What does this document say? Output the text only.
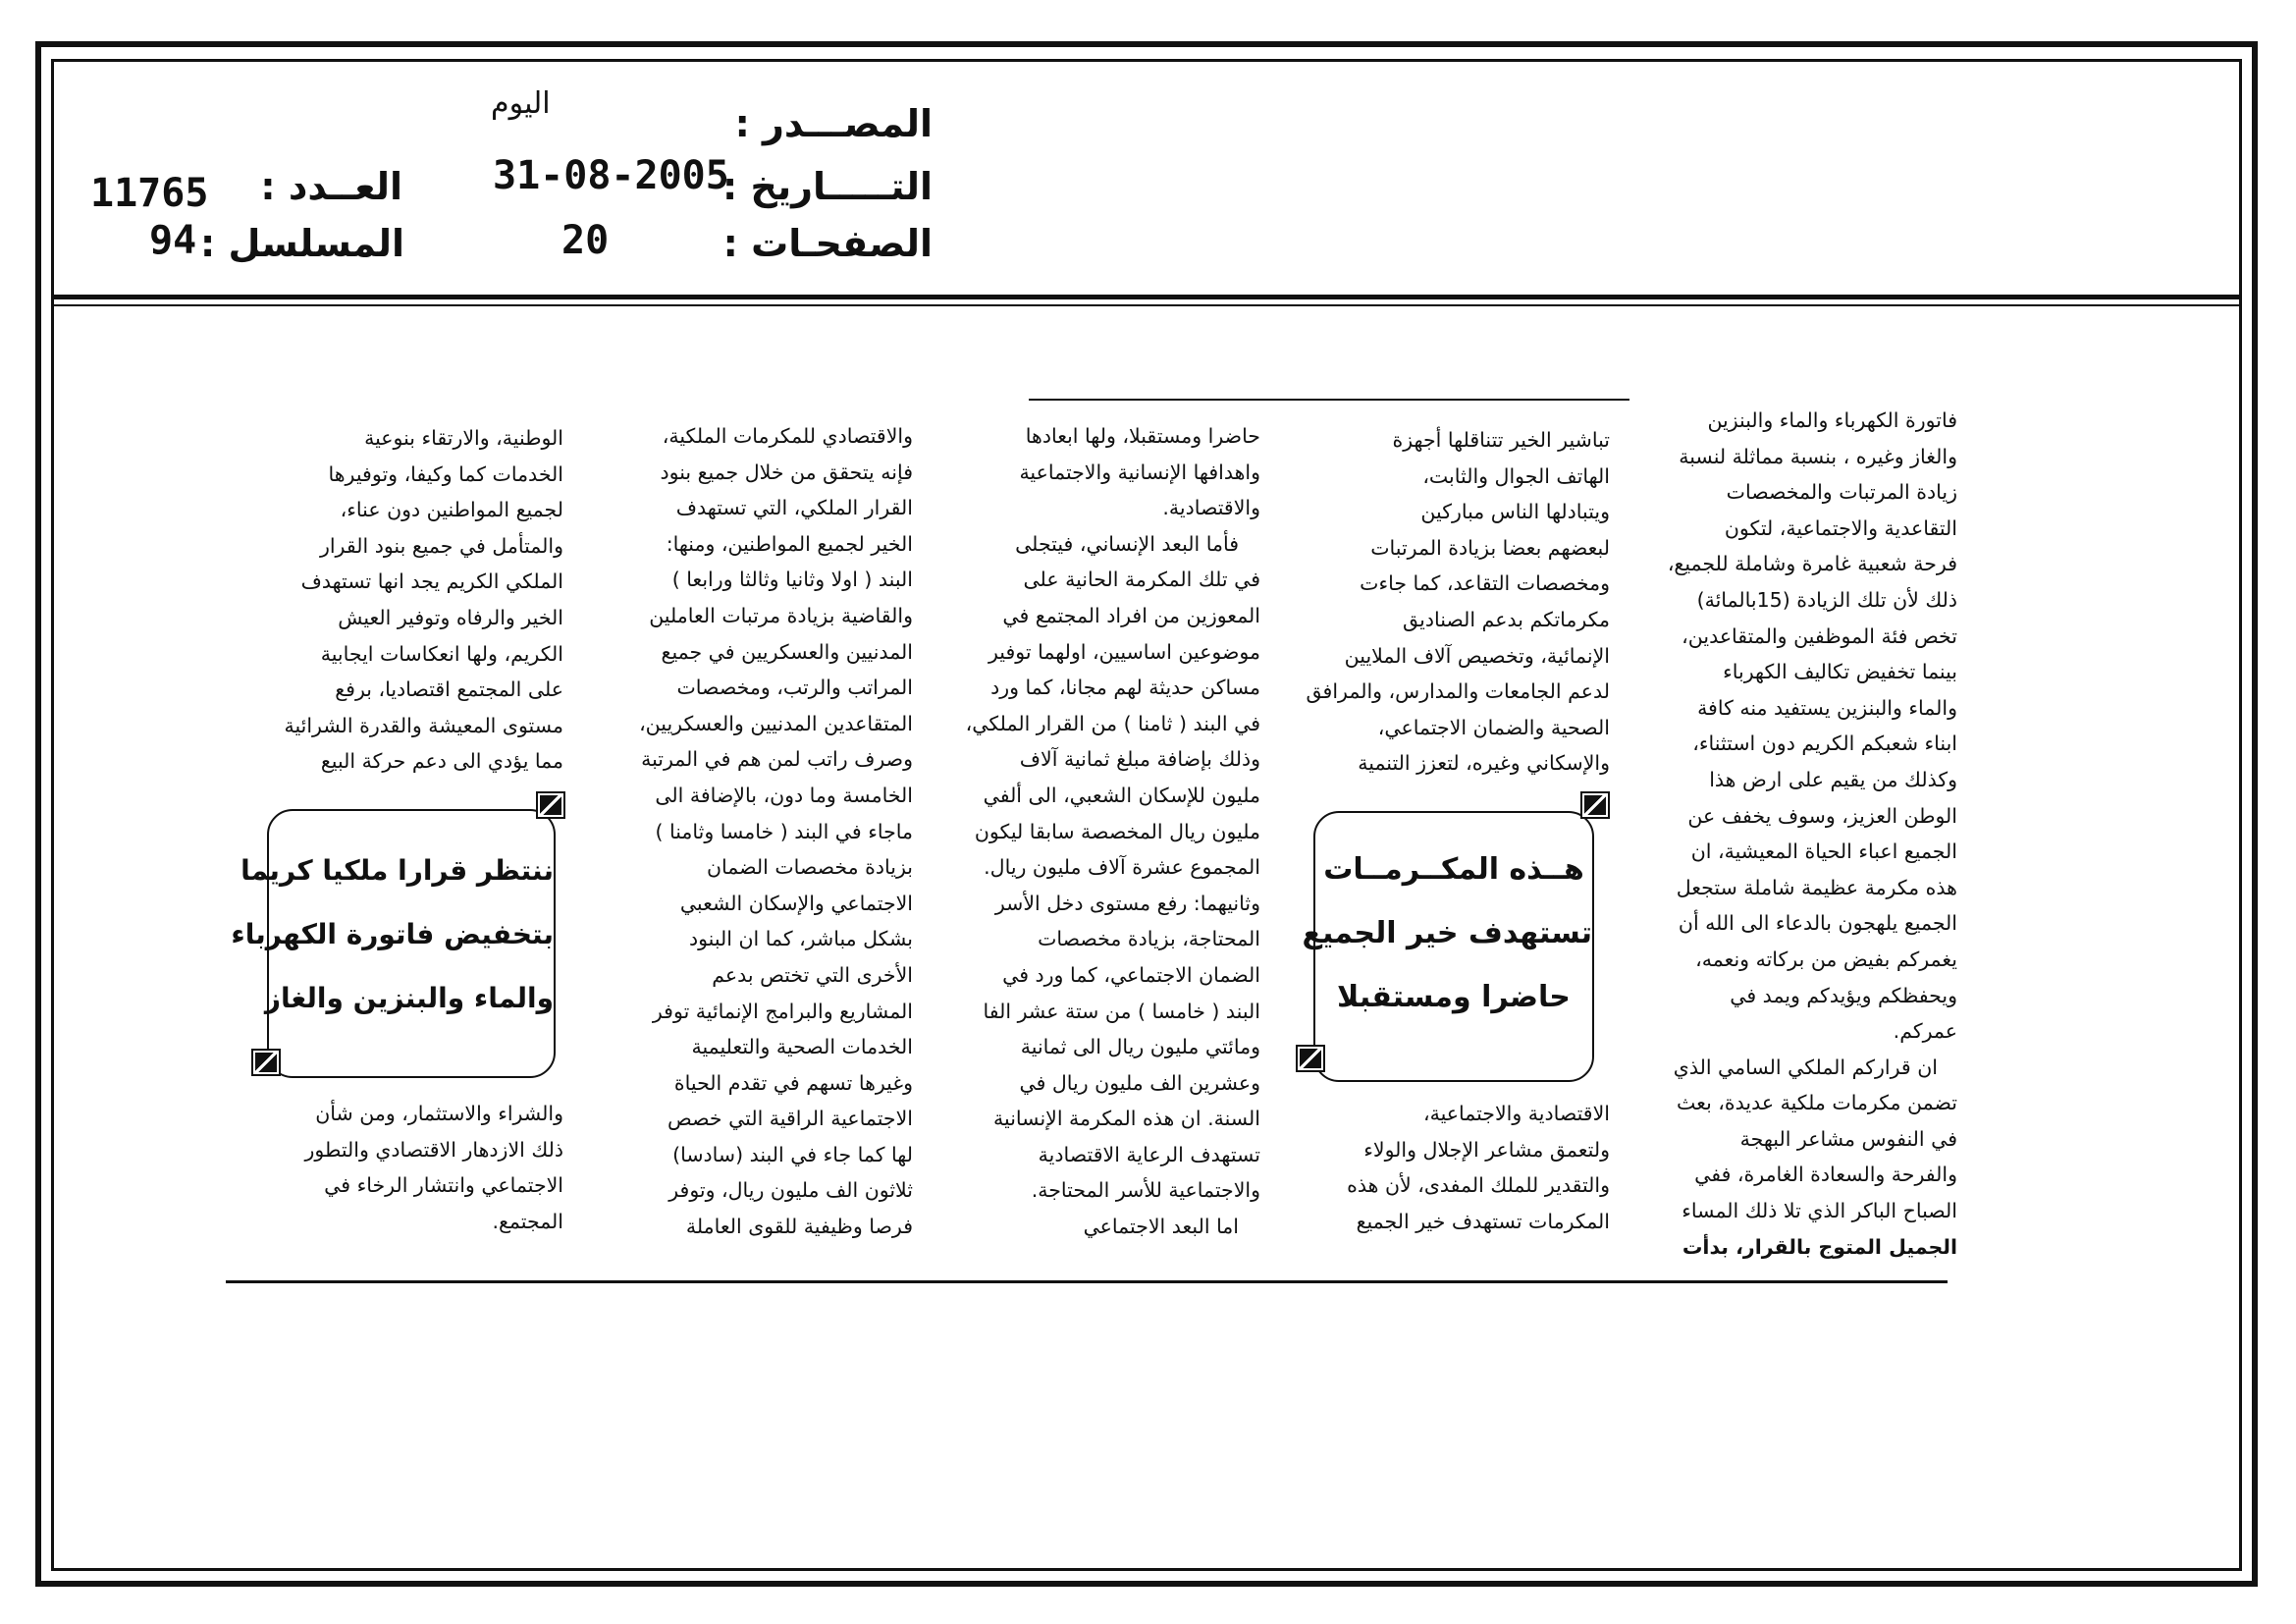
المصـــدر :
اليوم
التـــــاريخ :
31-08-2005
الصفحـات :
20
العــدد :
11765
المسلسل :
94
فاتورة الكهرباء والماء والبنزين
والغاز وغيره ، بنسبة مماثلة لنسبة
زيادة المرتبات والمخصصات
التقاعدية والاجتماعية، لتكون
فرحة شعبية غامرة وشاملة للجميع،
ذلك لأن تلك الزيادة (15بالمائة)
تخص فئة الموظفين والمتقاعدين،
بينما تخفيض تكاليف الكهرباء
والماء والبنزين يستفيد منه كافة
ابناء شعبكم الكريم دون استثناء،
وكذلك من يقيم على ارض هذا
الوطن العزيز، وسوف يخفف عن
الجميع اعباء الحياة المعيشية، ان
هذه مكرمة عظيمة شاملة ستجعل
الجميع يلهجون بالدعاء الى الله أن
يغمركم بفيض من بركاته ونعمه،
ويحفظكم ويؤيدكم ويمد في
عمركم.
ان قراركم الملكي السامي الذي
تضمن مكرمات ملكية عديدة، بعث
في النفوس مشاعر البهجة
والفرحة والسعادة الغامرة، ففي
الصباح الباكر الذي تلا ذلك المساء
الجميل المتوج بالقرار، بدأت
تباشير الخير تتناقلها أجهزة
الهاتف الجوال والثابت،
ويتبادلها الناس مباركين
لبعضهم بعضا بزيادة المرتبات
ومخصصات التقاعد، كما جاءت
مكرماتكم بدعم الصناديق
الإنمائية، وتخصيص آلاف الملايين
لدعم الجامعات والمدارس، والمرافق
الصحية والضمان الاجتماعي،
والإسكاني وغيره، لتعزز التنمية
الاقتصادية والاجتماعية،
ولتعمق مشاعر الإجلال والولاء
والتقدير للملك المفدى، لأن هذه
المكرمات تستهدف خير الجميع
حاضرا ومستقبلا، ولها ابعادها
واهدافها الإنسانية والاجتماعية
والاقتصادية.
فأما البعد الإنساني، فيتجلى
في تلك المكرمة الحانية على
المعوزين من افراد المجتمع في
موضوعين اساسيين، اولهما توفير
مساكن حديثة لهم مجانا، كما ورد
في البند ( ثامنا ) من القرار الملكي،
وذلك بإضافة مبلغ ثمانية آلاف
مليون للإسكان الشعبي، الى ألفي
مليون ريال المخصصة سابقا ليكون
المجموع عشرة آلاف مليون ريال.
وثانيهما: رفع مستوى دخل الأسر
المحتاجة، بزيادة مخصصات
الضمان الاجتماعي، كما ورد في
البند ( خامسا ) من ستة عشر الفا
ومائتي مليون ريال الى ثمانية
وعشرين الف مليون ريال في
السنة. ان هذه المكرمة الإنسانية
تستهدف الرعاية الاقتصادية
والاجتماعية للأسر المحتاجة.
اما البعد الاجتماعي
والاقتصادي للمكرمات الملكية،
فإنه يتحقق من خلال جميع بنود
القرار الملكي، التي تستهدف
الخير لجميع المواطنين، ومنها:
البند ( اولا وثانيا وثالثا ورابعا )
والقاضية بزيادة مرتبات العاملين
المدنيين والعسكريين في جميع
المراتب والرتب، ومخصصات
المتقاعدين المدنيين والعسكريين،
وصرف راتب لمن هم في المرتبة
الخامسة وما دون، بالإضافة الى
ماجاء في البند ( خامسا وثامنا )
بزيادة مخصصات الضمان
الاجتماعي والإسكان الشعبي
بشكل مباشر، كما ان البنود
الأخرى التي تختص بدعم
المشاريع والبرامج الإنمائية توفر
الخدمات الصحية والتعليمية
وغيرها تسهم في تقدم الحياة
الاجتماعية الراقية التي خصص
لها كما جاء في البند (سادسا)
ثلاثون الف مليون ريال، وتوفر
فرصا وظيفية للقوى العاملة
الوطنية، والارتقاء بنوعية
الخدمات كما وكيفا، وتوفيرها
لجميع المواطنين دون عناء،
والمتأمل في جميع بنود القرار
الملكي الكريم يجد انها تستهدف
الخير والرفاه وتوفير العيش
الكريم، ولها انعكاسات ايجابية
على المجتمع اقتصاديا، برفع
مستوى المعيشة والقدرة الشرائية
مما يؤدي الى دعم حركة البيع
والشراء والاستثمار، ومن شأن
ذلك الازدهار الاقتصادي والتطور
الاجتماعي وانتشار الرخاء في
المجتمع.
هــذه المكــرمــات
تستهدف خير الجميع
حاضرا ومستقبلا
ننتظر قرارا ملكيا كريما
بتخفيض فاتورة الكهرباء
والماء والبنزين والغاز
